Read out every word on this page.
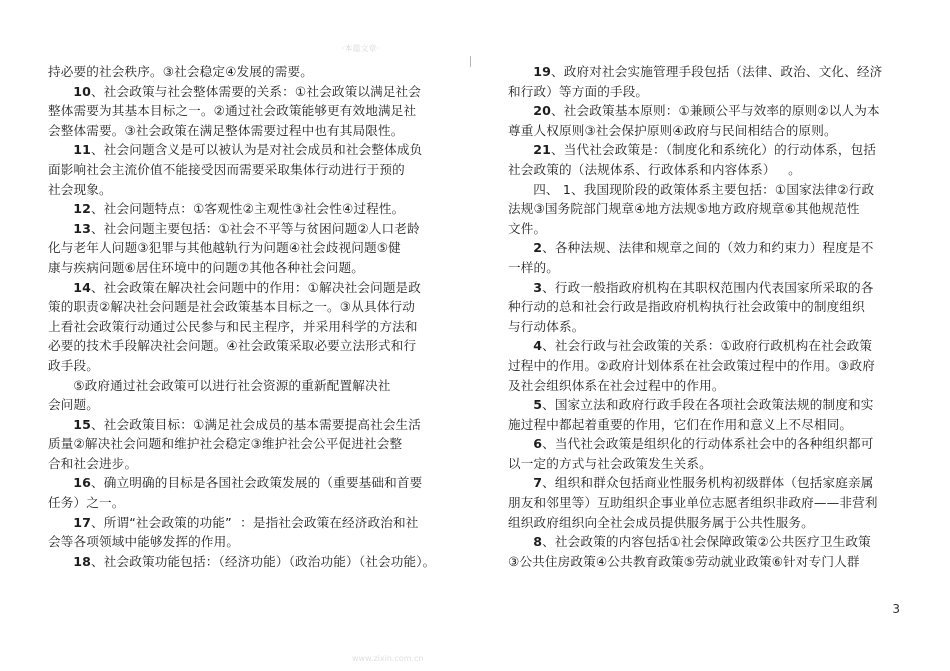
·本篇文章·

持必要的社会秩序。③社会稳定④发展的需要。

10、社会政策与社会整体需要的关系：①社会政策以满足社会
整体需要为其基本目标之一。②通过社会政策能够更有效地满足社
会整体需要。③社会政策在满足整体需要过程中也有其局限性。

11、社会问题含义是可以被认为是对社会成员和社会整体成负
面影响社会主流价值不能接受因而需要采取集体行动进行于预的
社会现象。

12、社会问题特点：①客观性②主观性③社会性④过程性。

13、社会问题主要包括：①社会不平等与贫困问题②人口老龄
化与老年人问题③犯罪与其他越轨行为问题④社会歧视问题⑤健
康与疾病问题⑥居住环境中的问题⑦其他各种社会问题。

14、社会政策在解决社会问题中的作用：①解决社会问题是政
策的职责②解决社会问题是社会政策基本目标之一。③从具体行动
上看社会政策行动通过公民参与和民主程序，并采用科学的方法和
必要的技术手段解决社会问题。④社会政策采取必要立法形式和行
政手段。

⑤政府通过社会政策可以进行社会资源的重新配置解决社
会问题。

15、社会政策目标：①满足社会成员的基本需要提高社会生活
质量②解决社会问题和维护社会稳定③维护社会公平促进社会整
合和社会进步。

16、确立明确的目标是各国社会政策发展的（重要基础和首要
任务）之一。

17、所谓“社会政策的功能”  ：是指社会政策在经济政治和社
会等各项领域中能够发挥的作用。

18、社会政策功能包括：（经济功能）（政治功能）（社会功能）。

19、政府对社会实施管理手段包括（法律、政治、文化、经济
和行政）等方面的手段。

20、社会政策基本原则：①兼顾公平与效率的原则②以人为本
尊重人权原则③社会保护原则④政府与民间相结合的原则。

21、当代社会政策是：（制度化和系统化）的行动体系，包括
社会政策的（法规体系、行政体系和内容体系）   。

四、 1、我国现阶段的政策体系主要包括：①国家法律②行政
法规③国务院部门规章④地方法规⑤地方政府规章⑥其他规范性
文件。

2、各种法规、法律和规章之间的（效力和约束力）程度是不
一样的。

3、行政一般指政府机构在其职权范围内代表国家所采取的各
种行动的总和社会行政是指政府机构执行社会政策中的制度组织
与行动体系。

4、社会行政与社会政策的关系：①政府行政机构在社会政策
过程中的作用。②政府计划体系在社会政策过程中的作用。③政府
及社会组织体系在社会过程中的作用。

5、国家立法和政府行政手段在各项社会政策法规的制度和实
施过程中都起着重要的作用，它们在作用和意义上不尽相同。

6、当代社会政策是组织化的行动体系社会中的各种组织都可
以一定的方式与社会政策发生关系。

7、组织和群众包括商业性服务机构初级群体（包括家庭亲属
朋友和邻里等）互助组织企事业单位志愿者组织非政府——非营利
组织政府组织向全社会成员提供服务属于公共性服务。

8、社会政策的内容包括①社会保障政策②公共医疗卫生政策
③公共住房政策④公共教育政策⑤劳动就业政策⑥针对专门人群

3
www.zixin.com.cn
